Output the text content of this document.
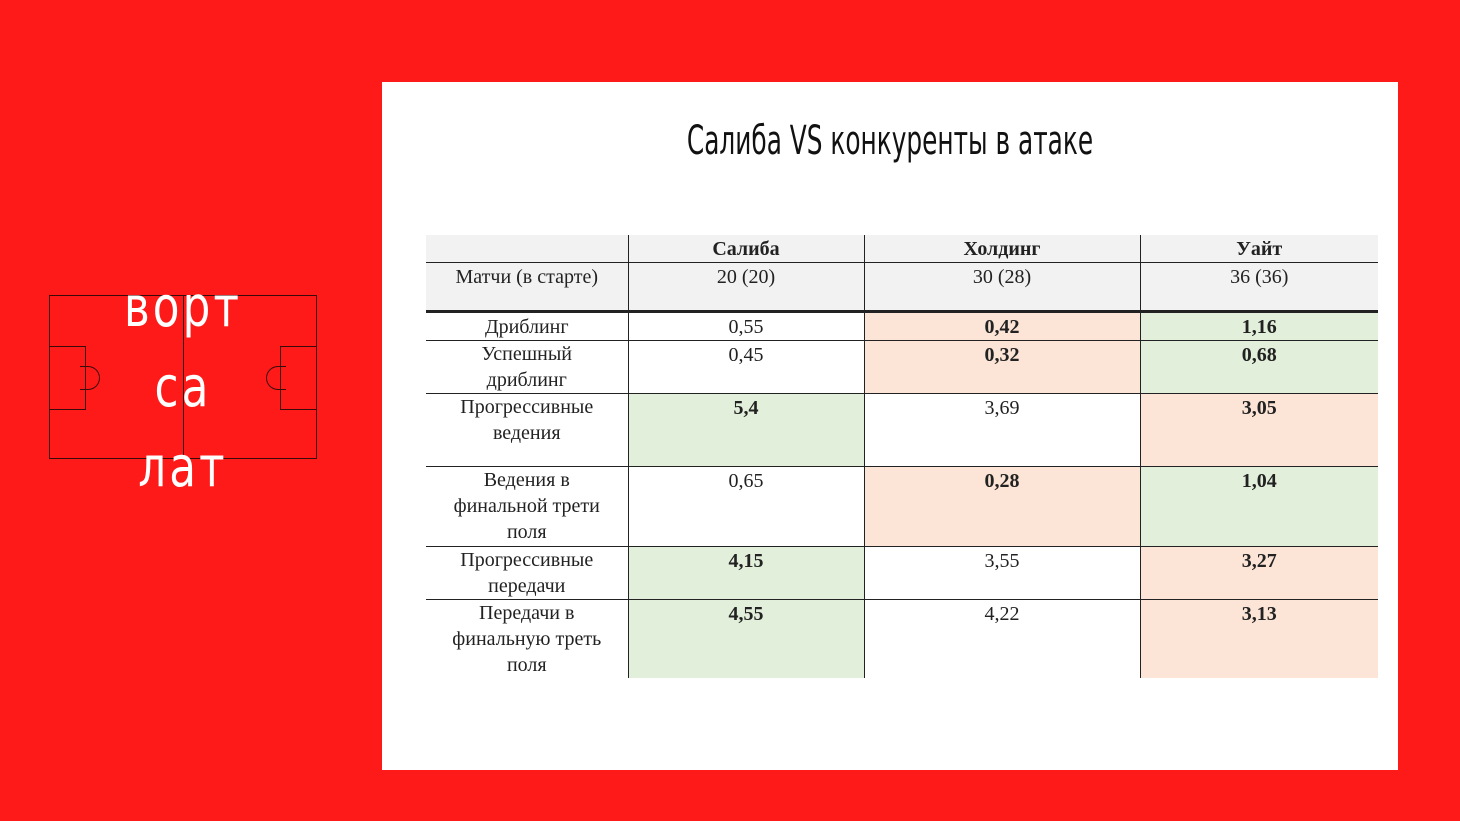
ворт
са
лат
Салиба VS конкуренты в атаке
	Салиба	Холдинг	Уайт
Матчи (в старте)	20 (20)	30 (28)	36 (36)
Дриблинг	0,55	0,42	1,16
Успешный дриблинг	0,45	0,32	0,68
Прогрессивные ведения	5,4	3,69	3,05
Ведения в финальной трети поля	0,65	0,28	1,04
Прогрессивные передачи	4,15	3,55	3,27
Передачи в финальную треть поля	4,55	4,22	3,13
